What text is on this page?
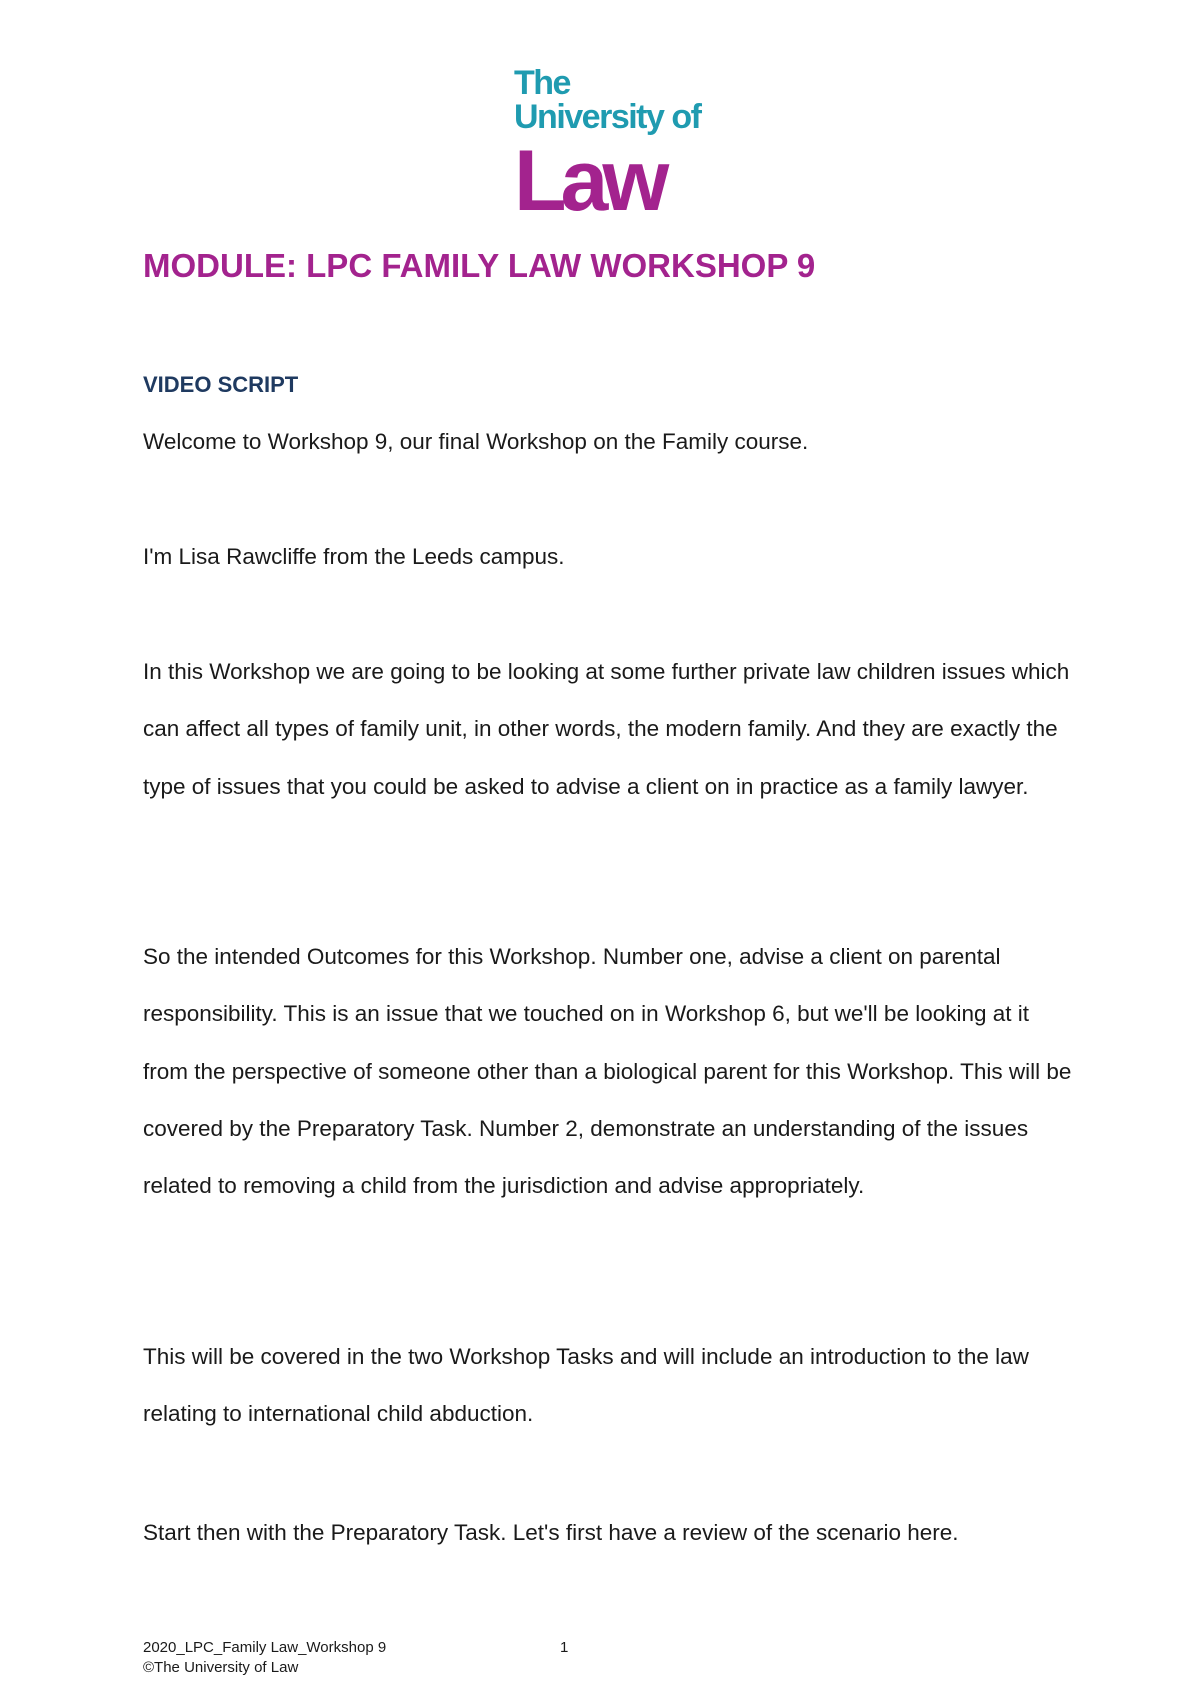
The
University of
Law
MODULE: LPC FAMILY LAW WORKSHOP 9
VIDEO SCRIPT

Welcome to Workshop 9, our final Workshop on the Family course.

I'm Lisa Rawcliffe from the Leeds campus.

In this Workshop we are going to be looking at some further private law children issues which can affect all types of family unit, in other words, the modern family. And they are exactly the type of issues that you could be asked to advise a client on in practice as a family lawyer.

So the intended Outcomes for this Workshop. Number one, advise a client on parental responsibility. This is an issue that we touched on in Workshop 6, but we'll be looking at it from the perspective of someone other than a biological parent for this Workshop. This will be covered by the Preparatory Task. Number 2, demonstrate an understanding of the issues related to removing a child from the jurisdiction and advise appropriately.

This will be covered in the two Workshop Tasks and will include an introduction to the law relating to international child abduction.

Start then with the Preparatory Task. Let's first have a review of the scenario here.

2020_LPC_Family Law_Workshop 9
©The University of Law
1
